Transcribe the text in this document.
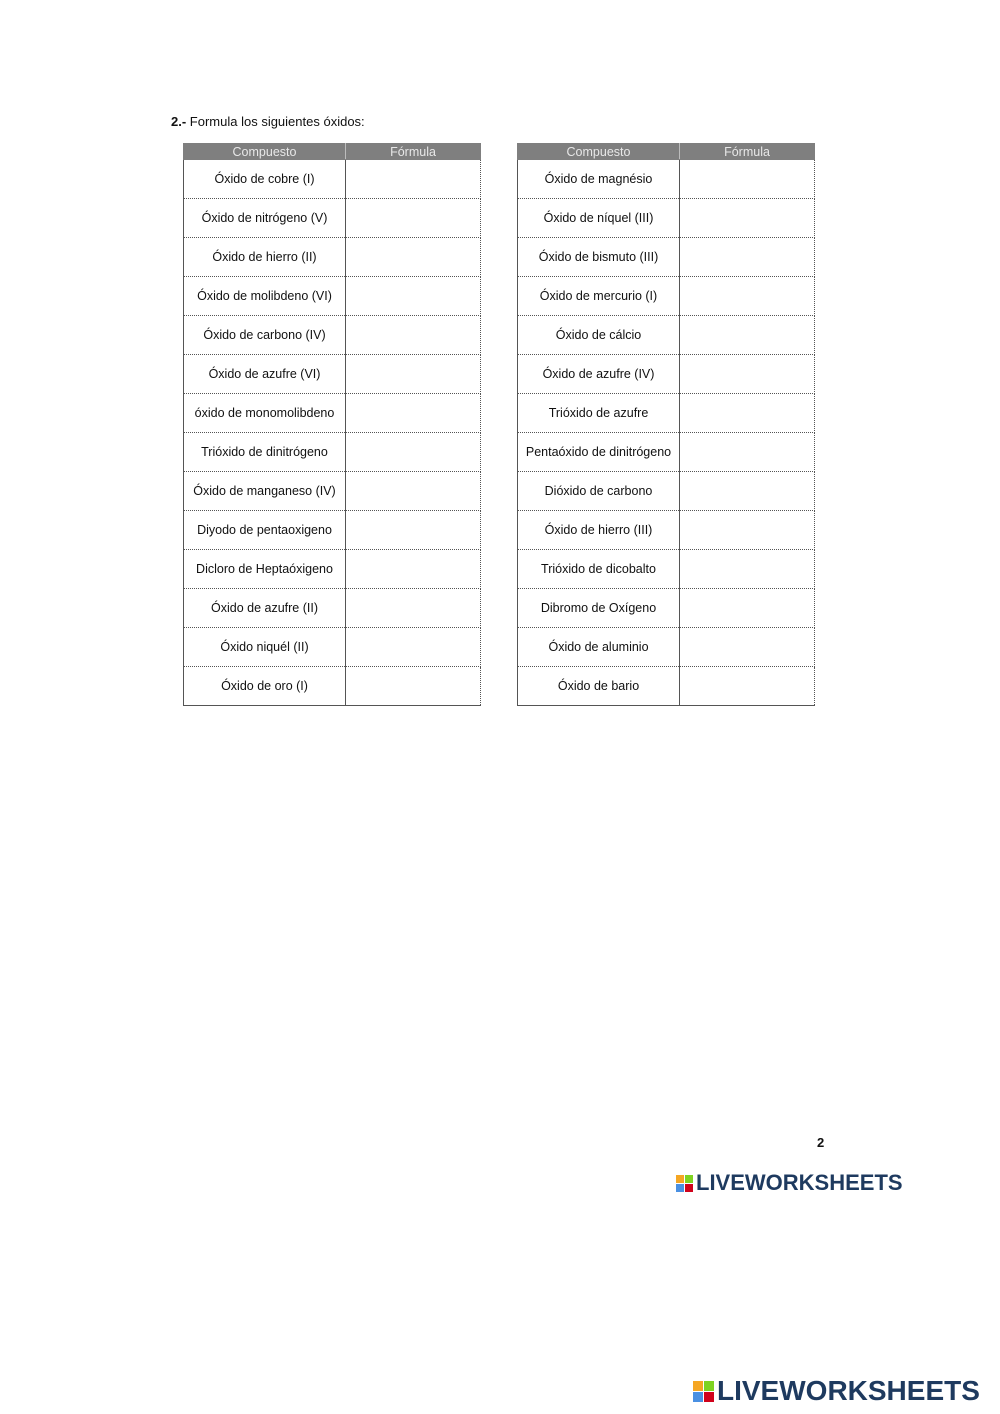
2.- Formula los siguientes óxidos:
Compuesto	Fórmula
Óxido de cobre (I)	
Óxido de nitrógeno (V)	
Óxido de hierro (II)	
Óxido de molibdeno (VI)	
Óxido de carbono (IV)	
Óxido de azufre (VI)	
óxido de monomolibdeno	
Trióxido de dinitrógeno	
Óxido de manganeso (IV)	
Diyodo de pentaoxigeno	
Dicloro de Heptaóxigeno	
Óxido de azufre (II)	
Óxido niquél (II)	
Óxido de oro (I)	
Compuesto	Fórmula
Óxido de magnésio	
Óxido de níquel (III)	
Óxido de bismuto (III)	
Óxido de mercurio (I)	
Óxido de cálcio	
Óxido de azufre (IV)	
Trióxido de azufre	
Pentaóxido de dinitrógeno	
Dióxido de carbono	
Óxido de hierro (III)	
Trióxido de dicobalto	
Dibromo de Oxígeno	
Óxido de aluminio	
Óxido de bario	
2
LIVEWORKSHEETS
LIVEWORKSHEETS
